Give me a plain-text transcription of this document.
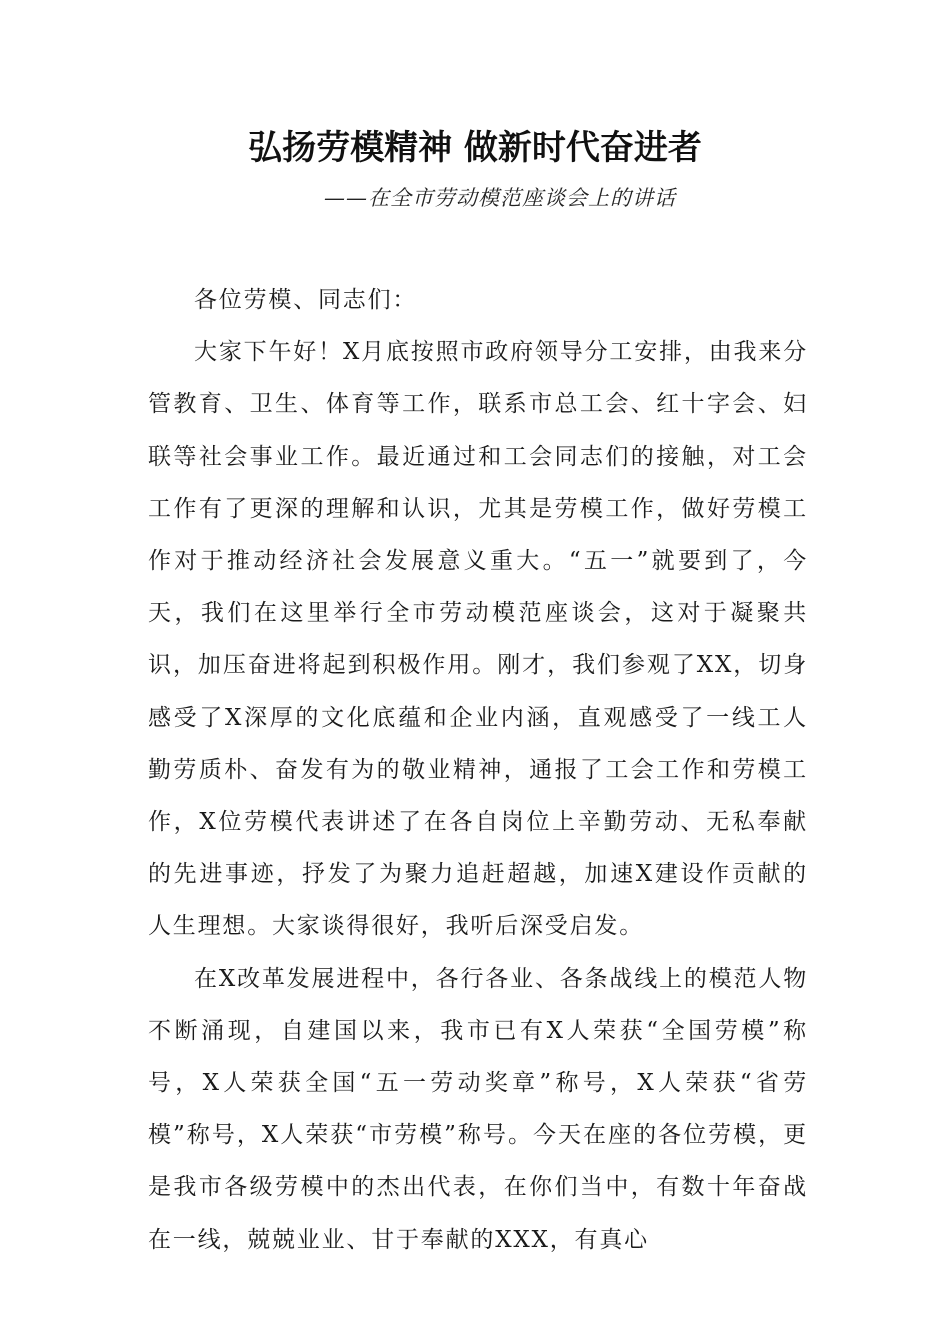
弘扬劳模精神 做新时代奋进者

——在全市劳动模范座谈会上的讲话

各位劳模、同志们：

大家下午好！X月底按照市政府领导分工安排，由我来分管教育、卫生、体育等工作，联系市总工会、红十字会、妇联等社会事业工作。最近通过和工会同志们的接触，对工会工作有了更深的理解和认识，尤其是劳模工作，做好劳模工作对于推动经济社会发展意义重大。“五一”就要到了，今天，我们在这里举行全市劳动模范座谈会，这对于凝聚共识，加压奋进将起到积极作用。刚才，我们参观了XX，切身感受了X深厚的文化底蕴和企业内涵，直观感受了一线工人勤劳质朴、奋发有为的敬业精神，通报了工会工作和劳模工作，X位劳模代表讲述了在各自岗位上辛勤劳动、无私奉献的先进事迹，抒发了为聚力追赶超越，加速X建设作贡献的人生理想。大家谈得很好，我听后深受启发。

在X改革发展进程中，各行各业、各条战线上的模范人物不断涌现，自建国以来，我市已有X人荣获“全国劳模”称号，X人荣获全国“五一劳动奖章”称号，X人荣获“省劳模”称号，X人荣获“市劳模”称号。今天在座的各位劳模，更是我市各级劳模中的杰出代表，在你们当中，有数十年奋战在一线，兢兢业业、甘于奉献的XXX，有真心
